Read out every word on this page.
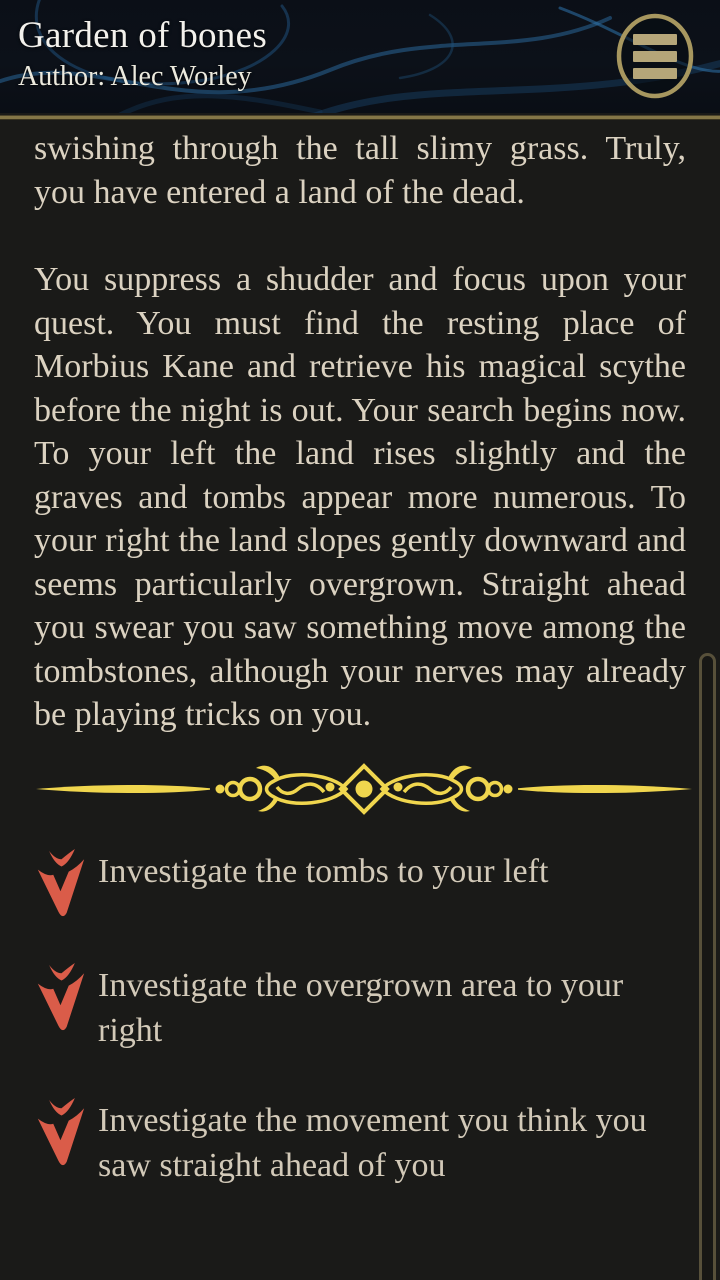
Garden of bones
Author: Alec Worley

swishing through the tall slimy grass. Truly, you have entered a land of the dead.

You suppress a shudder and focus upon your quest. You must find the resting place of Morbius Kane and retrieve his magical scythe before the night is out. Your search begins now. To your left the land rises slightly and the graves and tombs appear more numerous. To your right the land slopes gently downward and seems particularly overgrown. Straight ahead you swear you saw something move among the tombstones, although your nerves may already be playing tricks on you.

Investigate the tombs to your left
Investigate the overgrown area to your right
Investigate the movement you think you saw straight ahead of you
